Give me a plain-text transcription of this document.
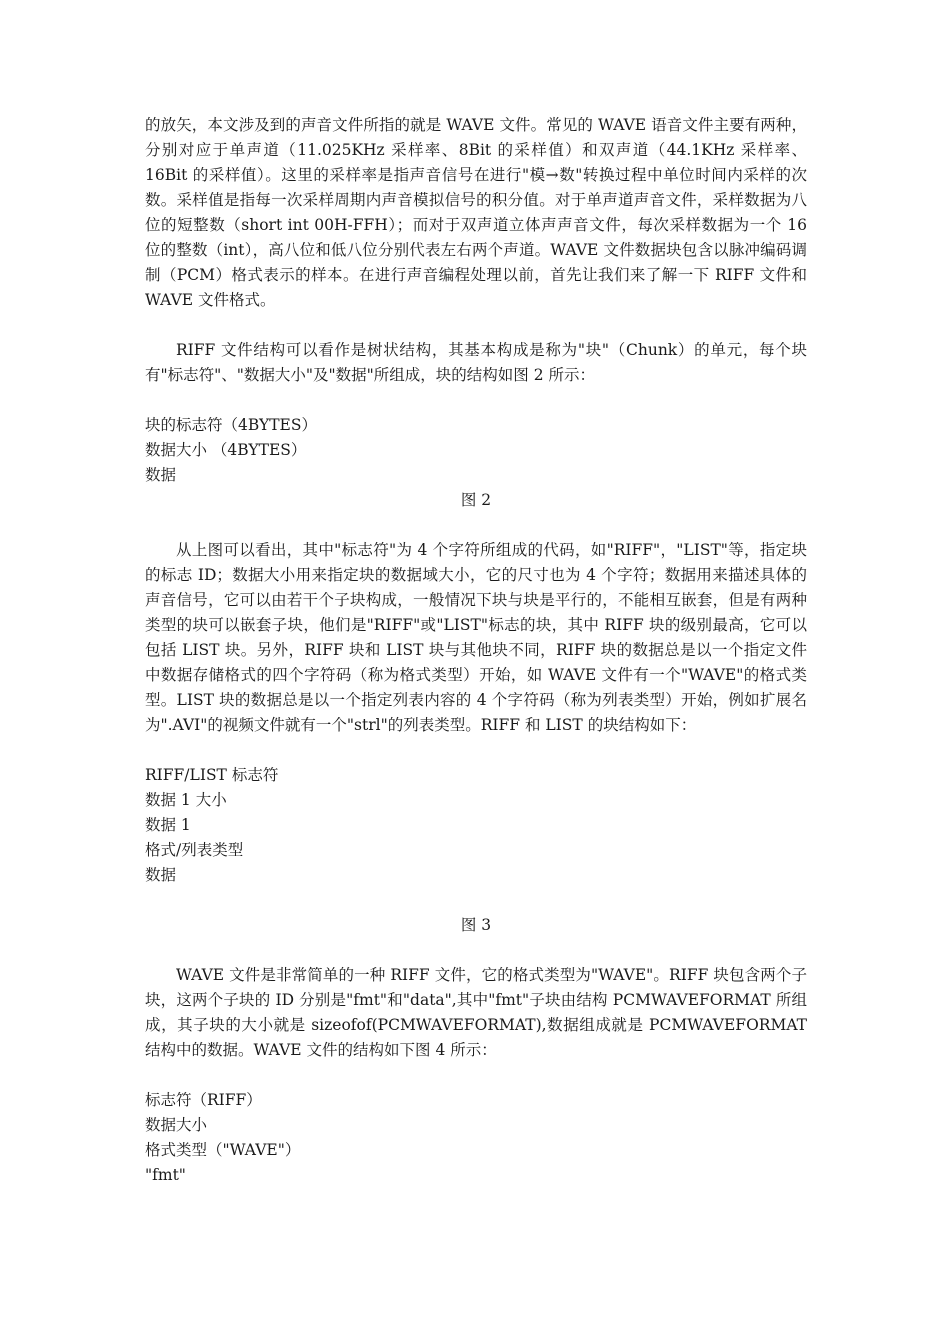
的放矢，本文涉及到的声音文件所指的就是 WAVE 文件。常见的 WAVE 语音文件主要有两种，分别对应于单声道（11.025KHz 采样率、8Bit 的采样值）和双声道（44.1KHz 采样率、16Bit 的采样值）。这里的采样率是指声音信号在进行"模→数"转换过程中单位时间内采样的次数。采样值是指每一次采样周期内声音模拟信号的积分值。对于单声道声音文件，采样数据为八位的短整数（short int 00H-FFH）；而对于双声道立体声声音文件，每次采样数据为一个 16 位的整数（int），高八位和低八位分别代表左右两个声道。WAVE 文件数据块包含以脉冲编码调制（PCM）格式表示的样本。在进行声音编程处理以前，首先让我们来了解一下 RIFF 文件和 WAVE 文件格式。

RIFF 文件结构可以看作是树状结构，其基本构成是称为"块"（Chunk）的单元，每个块有"标志符"、"数据大小"及"数据"所组成，块的结构如图 2 所示：

块的标志符（4BYTES）

数据大小 （4BYTES）

数据

图 2

从上图可以看出，其中"标志符"为 4 个字符所组成的代码，如"RIFF"，"LIST"等，指定块的标志 ID；数据大小用来指定块的数据域大小，它的尺寸也为 4 个字符；数据用来描述具体的声音信号，它可以由若干个子块构成，一般情况下块与块是平行的，不能相互嵌套，但是有两种类型的块可以嵌套子块，他们是"RIFF"或"LIST"标志的块，其中 RIFF 块的级别最高，它可以包括 LIST 块。另外，RIFF 块和 LIST 块与其他块不同，RIFF 块的数据总是以一个指定文件中数据存储格式的四个字符码（称为格式类型）开始，如 WAVE 文件有一个"WAVE"的格式类型。LIST 块的数据总是以一个指定列表内容的 4 个字符码（称为列表类型）开始，例如扩展名为".AVI"的视频文件就有一个"strl"的列表类型。RIFF 和 LIST 的块结构如下：

RIFF/LIST 标志符

数据 1 大小

数据 1

格式/列表类型

数据

图 3

WAVE 文件是非常简单的一种 RIFF 文件，它的格式类型为"WAVE"。RIFF 块包含两个子块，这两个子块的 ID 分别是"fmt"和"data",其中"fmt"子块由结构 PCMWAVEFORMAT 所组成，其子块的大小就是 sizeofof(PCMWAVEFORMAT),数据组成就是 PCMWAVEFORMAT 结构中的数据。WAVE 文件的结构如下图 4 所示：

标志符（RIFF）

数据大小

格式类型（"WAVE"）

"fmt"
